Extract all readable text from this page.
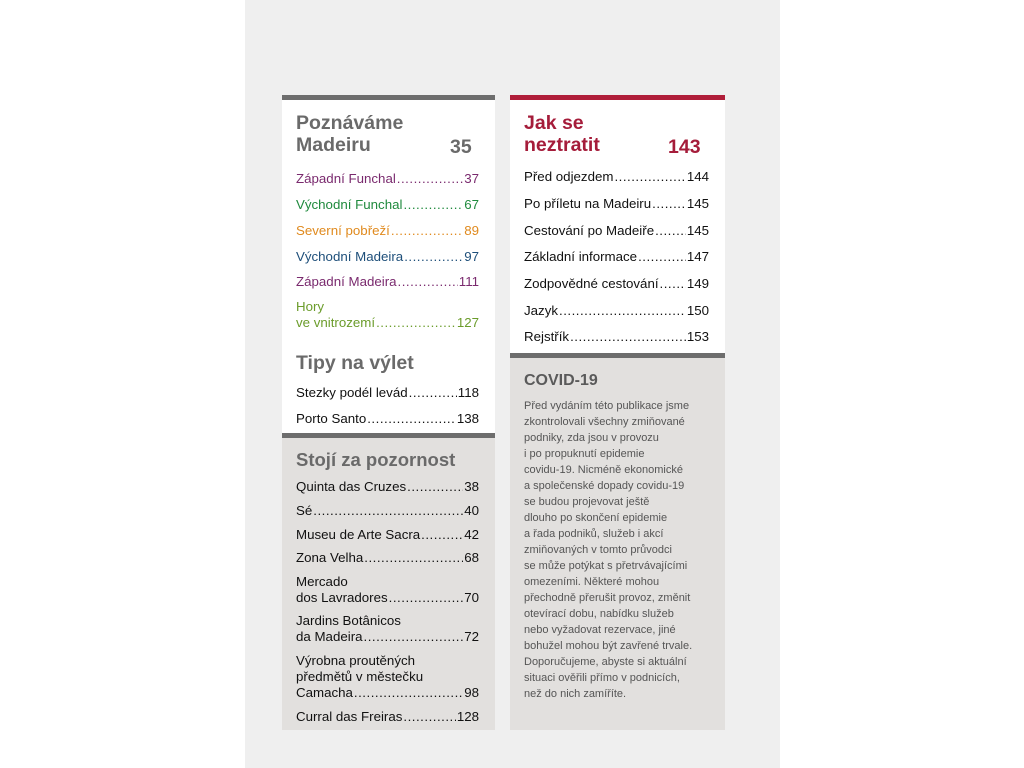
Poznáváme
Madeiru	35
Západní Funchal .....	37
Východní Funchal .....	67
Severní pobřeží .....	89
Východní Madeira .....	97
Západní Madeira .....	111
Hory
ve vnitrozemí .....	127
Tipy na výlet
Stezky podél levád .....	118
Porto Santo .....	138
Stojí za pozornost
Quinta das Cruzes .....	38
Sé .....	40
Museu de Arte Sacra .....	42
Zona Velha .....	68
Mercado
dos Lavradores .....	70
Jardins Botânicos
da Madeira .....	72
Výrobna proutěných
předmětů v městečku
Camacha .....	98
Curral das Freiras .....	128
Jak se
neztratit	143
Před odjezdem .....	144
Po příletu na Madeiru .....	145
Cestování po Madeiře ..... 145
Základní informace .....	147
Zodpovědné cestování ..... 149
Jazyk .....	150
Rejstřík .....	153
COVID-19
Před vydáním této publikace jsme
zkontrolovali všechny zmiňované
podniky, zda jsou v provozu
i po propuknutí epidemie
covidu-19. Nicméně ekonomické
a společenské dopady covidu-19
se budou projevovat ještě
dlouho po skončení epidemie
a řada podniků, služeb i akcí
zmiňovaných v tomto průvodci
se může potýkat s přetrvávajícími
omezeními. Některé mohou
přechodně přerušit provoz, změnit
otevírací dobu, nabídku služeb
nebo vyžadovat rezervace, jiné
bohužel mohou být zavřené trvale.
Doporučujeme, abyste si aktuální
situaci ověřili přímo v podnicích,
než do nich zamíříte.
